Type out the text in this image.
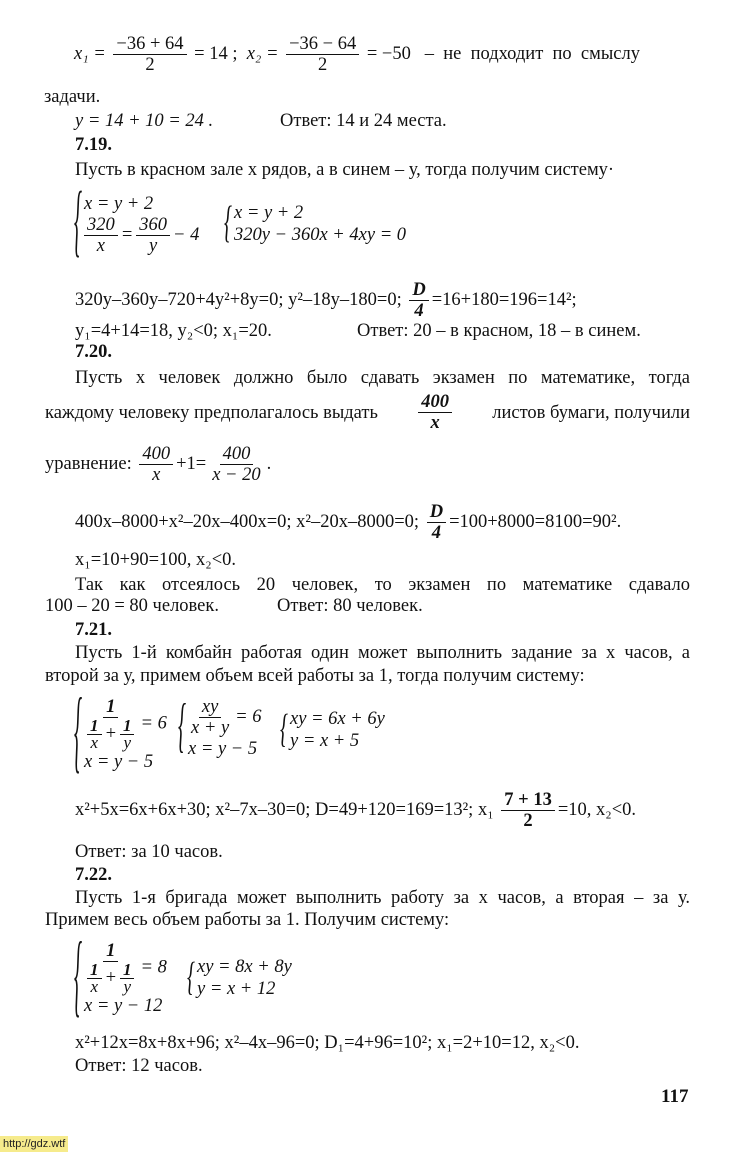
$x_1 = \frac{-36 + 64}{2} = 14$ ; $x_2 = \frac{-36 - 64}{2} = -50$ –  не  подходит  по  смыслу
задачи.
y = 14 + 10 = 24 .	Ответ: 14 и 24 места.
7.19.
Пусть в красном зале х рядов, а в синем – у, тогда получим систему·
{ x = y + 2
$\frac{320}{x} = \frac{360}{y} - 4$ { x = y + 2
320y − 360x + 4xy = 0
320y–360y–720+4y²+8y=0; y²–18y–180=0; $\frac{D}{4} =16+180=196=14^2$;
y₁=4+14=18, y₂<0; x₁=20.	Ответ: 20 – в красном, 18 – в синем.
7.20.
Пусть х человек должно было сдавать экзамен по математике, тогда
каждому человеку предполагалось выдать $\frac{400}{x}$ листов бумаги, получили
уравнение: $\frac{400}{x} +1= \frac{400}{x - 20}$ .
400x–8000+x²–20x–400x=0; x²–20x–8000=0; $\frac{D}{4} =100+8000=8100=90^2$.
x₁=10+90=100, x₂<0.
Так как отсеялось 20 человек, то экзамен по математике сдавало
100 – 20 = 80 человек.	Ответ: 80 человек.
7.21.
Пусть 1-й комбайн работая один может выполнить задание за х часов, а
второй за у, примем объем всей работы за 1, тогда получим систему:
{ $\frac{1}{\frac{1}{x} + \frac{1}{y}} = 6$
x = y − 5
{ $\frac{xy}{x + y} = 6$
x = y − 5 { xy = 6x + 6y
y = x + 5
x²+5x=6x+6x+30; x²–7x–30=0; D=49+120=169=13²; $x_1 \frac{7 + 13}{2} =10$, x₂<0.
Ответ: за 10 часов.
7.22.
Пусть 1-я бригада может выполнить работу за х часов, а вторая – за у.
Примем весь объем работы за 1. Получим систему:
{ $\frac{1}{\frac{1}{x} + \frac{1}{y}} = 8$
x = y − 12
{ xy = 8x + 8y
y = x + 12
x²+12x=8x+8x+96; x²–4x–96=0; D₁=4+96=10²; x₁=2+10=12, x₂<0.
Ответ: 12 часов.
117
http://gdz.wtf
